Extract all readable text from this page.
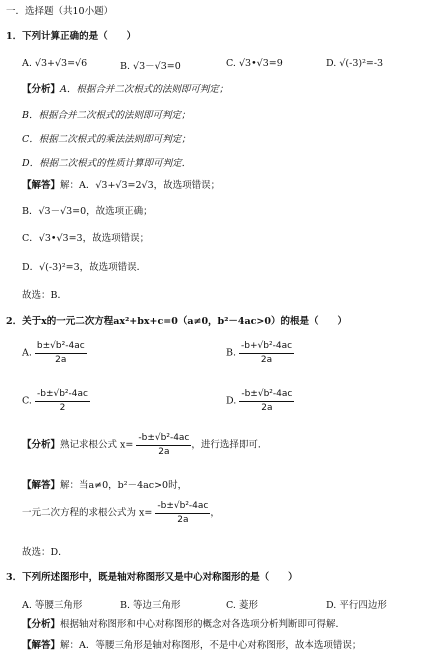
一．选择题（共10小题）
1．下列计算正确的是（　　）
A. √3+√3=√6	B. √3－√3=0	C. √3•√3=9	D. √(-3)²=-3
【分析】A．根据合并二次根式的法则即可判定；
B．根据合并二次根式的法则即可判定；
C．根据二次根式的乘法法则即可判定；
D．根据二次根式的性质计算即可判定．
【解答】解：A．√3+√3=2√3，故选项错误；
B．√3－√3=0，故选项正确；
C．√3•√3=3，故选项错误；
D．√(-3)²=3，故选项错误．
故选：B．
2．关于x的一元二次方程ax²+bx+c=0（a≠0，b²－4ac>0）的根是（　　）
A. $\frac{\text{b±√b²-4ac}}{2a}$	B. $\frac{\text{-b+√b²-4ac}}{2a}$
C. $\frac{\text{-b±√b²-4ac}}{2}$	D. $\frac{\text{-b±√b²-4ac}}{2a}$
【分析】熟记求根公式 $x= \frac{\text{-b±√b²-4ac}}{2a}$ ，进行选择即可．
【解答】解：当a≠0，b²－4ac>0时，
一元二次方程的求根公式为 $x= \frac{\text{-b±√b²-4ac}}{2a}$ ，
故选：D．
3．下列所述图形中，既是轴对称图形又是中心对称图形的是（　　）
A. 等腰三角形	B. 等边三角形	C. 菱形	D. 平行四边形
【分析】根据轴对称图形和中心对称图形的概念对各选项分析判断即可得解．
【解答】解：A．等腰三角形是轴对称图形，不是中心对称图形，故本选项错误；
